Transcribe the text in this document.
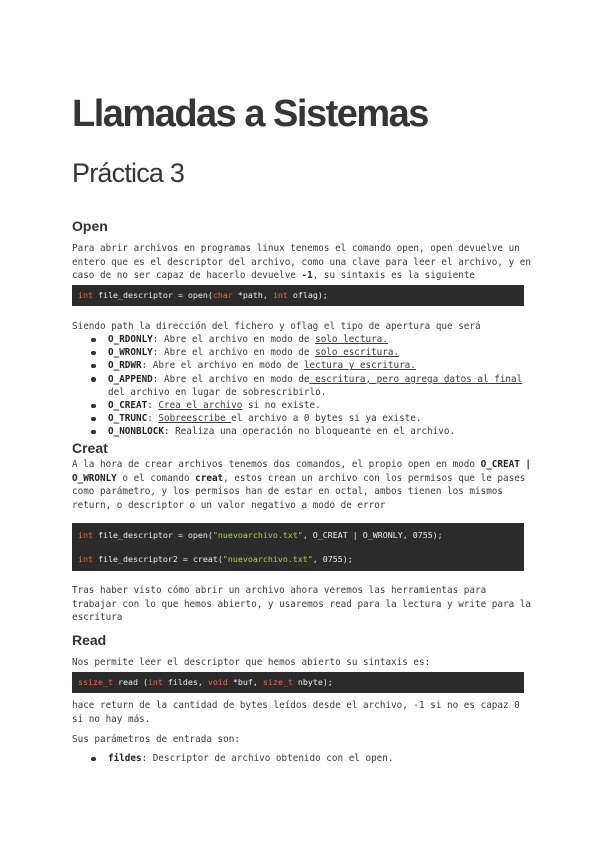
Llamadas a Sistemas
Práctica 3
Open
Para abrir archivos en programas linux tenemos el comando open, open devuelve un entero que es el descriptor del archivo, como una clave para leer el archivo, y en caso de no ser capaz de hacerlo devuelve -1, su sintaxis es la siguiente
int file_descriptor = open(char *path, int oflag);
Siendo path la dirección del fichero y oflag el tipo de apertura que será
O_RDONLY: Abre el archivo en modo de solo lectura.
O_WRONLY: Abre el archivo en modo de solo escritura.
O_RDWR: Abre el archivo en modo de lectura y escritura.
O_APPEND: Abre el archivo en modo de escritura, pero agrega datos al final del archivo en lugar de sobrescribirlo.
O_CREAT: Crea el archivo si no existe.
O_TRUNC: Sobreescribe el archivo a 0 bytes si ya existe.
O_NONBLOCK: Realiza una operación no bloqueante en el archivo.
Creat
A la hora de crear archivos tenemos dos comandos, el propio open en modo O_CREAT | O_WRONLY o el comando creat, estos crean un archivo con los permisos que le pases como parámetro, y los permisos han de estar en octal, ambos tienen los mismos return, o descriptor o un valor negativo a modo de error
int file_descriptor = open("nuevoarchivo.txt", O_CREAT | O_WRONLY, 0755);
int file_descriptor2 = creat("nuevoarchivo.txt", 0755);
Tras haber visto cómo abrir un archivo ahora veremos las herramientas para trabajar con lo que hemos abierto, y usaremos read para la lectura y write para la escritura
Read
Nos permite leer el descriptor que hemos abierto su sintaxis es:
ssize_t read (int fildes, void *buf, size_t nbyte);
hace return de la cantidad de bytes leídos desde el archivo, -1 si no es capaz 0 si no hay más.
Sus parámetros de entrada son:
fildes: Descriptor de archivo obtenido con el open.
